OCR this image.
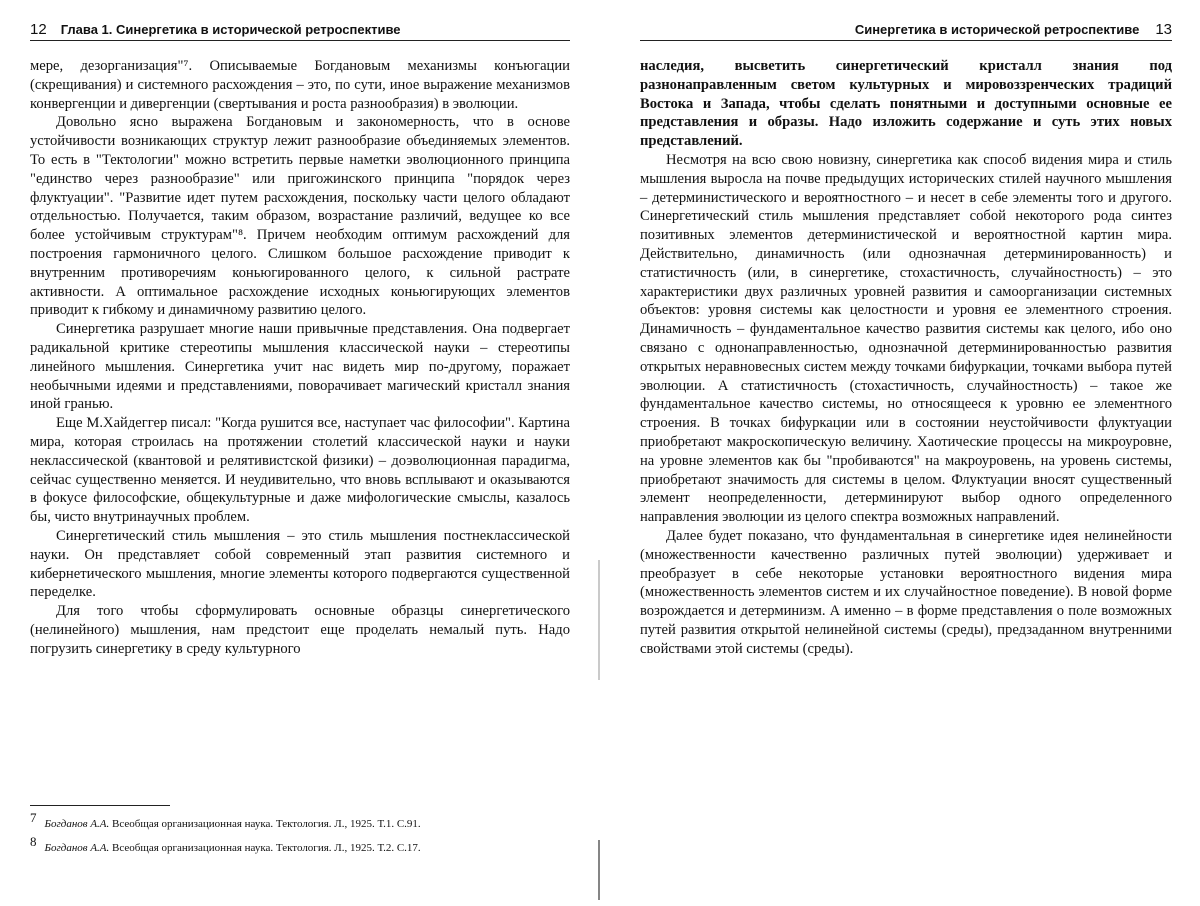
12 Глава 1. Синергетика в исторической ретроспективе

мере, дезорганизация"⁷. Описываемые Богдановым механизмы конъюгации (скрещивания) и системного расхождения – это, по сути, иное выражение механизмов конвергенции и дивергенции (свертывания и роста разнообразия) в эволюции.

Довольно ясно выражена Богдановым и закономерность, что в основе устойчивости возникающих структур лежит разнообразие объединяемых элементов. То есть в "Тектологии" можно встретить первые наметки эволюционного принципа "единство через разнообразие" или пригожинского принципа "порядок через флуктуации". "Развитие идет путем расхождения, поскольку части целого обладают отдельностью. Получается, таким образом, возрастание различий, ведущее ко все более устойчивым структурам"⁸. Причем необходим оптимум расхождений для построения гармоничного целого. Слишком большое расхождение приводит к внутренним противоречиям коньюгированного целого, к сильной растрате активности. А оптимальное расхождение исходных коньюгирующих элементов приводит к гибкому и динамичному развитию целого.

Синергетика разрушает многие наши привычные представления. Она подвергает радикальной критике стереотипы мышления классической науки – стереотипы линейного мышления. Синергетика учит нас видеть мир по-другому, поражает необычными идеями и представлениями, поворачивает магический кристалл знания иной гранью.

Еще М.Хайдеггер писал: "Когда рушится все, наступает час философии". Картина мира, которая строилась на протяжении столетий классической науки и науки неклассической (квантовой и релятивистской физики) – доэволюционная парадигма, сейчас существенно меняется. И неудивительно, что вновь всплывают и оказываются в фокусе философские, общекультурные и даже мифологические смыслы, казалось бы, чисто внутринаучных проблем.

Синергетический стиль мышления – это стиль мышления постнеклассической науки. Он представляет собой современный этап развития системного и кибернетического мышления, многие элементы которого подвергаются существенной переделке.

Для того чтобы сформулировать основные образцы синергетического (нелинейного) мышления, нам предстоит еще проделать немалый путь. Надо погрузить синергетику в среду культурного

7 Богданов А.А. Всеобщая организационная наука. Тектология. Л., 1925. Т.1. С.91.
8 Богданов А.А. Всеобщая организационная наука. Тектология. Л., 1925. Т.2. С.17.
Синергетика в исторической ретроспективе 13

наследия, высветить синергетический кристалл знания под разнонаправленным светом культурных и мировоззренческих традиций Востока и Запада, чтобы сделать понятными и доступными основные ее представления и образы. Надо изложить содержание и суть этих новых представлений.

Несмотря на всю свою новизну, синергетика как способ видения мира и стиль мышления выросла на почве предыдущих исторических стилей научного мышления – детерминистического и вероятностного – и несет в себе элементы того и другого. Синергетический стиль мышления представляет собой некоторого рода синтез позитивных элементов детерминистической и вероятностной картин мира. Действительно, динамичность (или однозначная детерминированность) и статистичность (или, в синергетике, стохастичность, случайностность) – это характеристики двух различных уровней развития и самоорганизации системных объектов: уровня системы как целостности и уровня ее элементного строения. Динамичность – фундаментальное качество развития системы как целого, ибо оно связано с однонаправленностью, однозначной детерминированностью развития открытых неравновесных систем между точками бифуркации, точками выбора путей эволюции. А статистичность (стохастичность, случайностность) – такое же фундаментальное качество системы, но относящееся к уровню ее элементного строения. В точках бифуркации или в состоянии неустойчивости флуктуации приобретают макроскопическую величину. Хаотические процессы на микроуровне, на уровне элементов как бы "пробиваются" на макроуровень, на уровень системы, приобретают значимость для системы в целом. Флуктуации вносят существенный элемент неопределенности, детерминируют выбор одного определенного направления эволюции из целого спектра возможных направлений.

Далее будет показано, что фундаментальная в синергетике идея нелинейности (множественности качественно различных путей эволюции) удерживает и преобразует в себе некоторые установки вероятностного видения мира (множественность элементов систем и их случайностное поведение). В новой форме возрождается и детерминизм. А именно – в форме представления о поле возможных путей развития открытой нелинейной системы (среды), предзаданном внутренними свойствами этой системы (среды).
